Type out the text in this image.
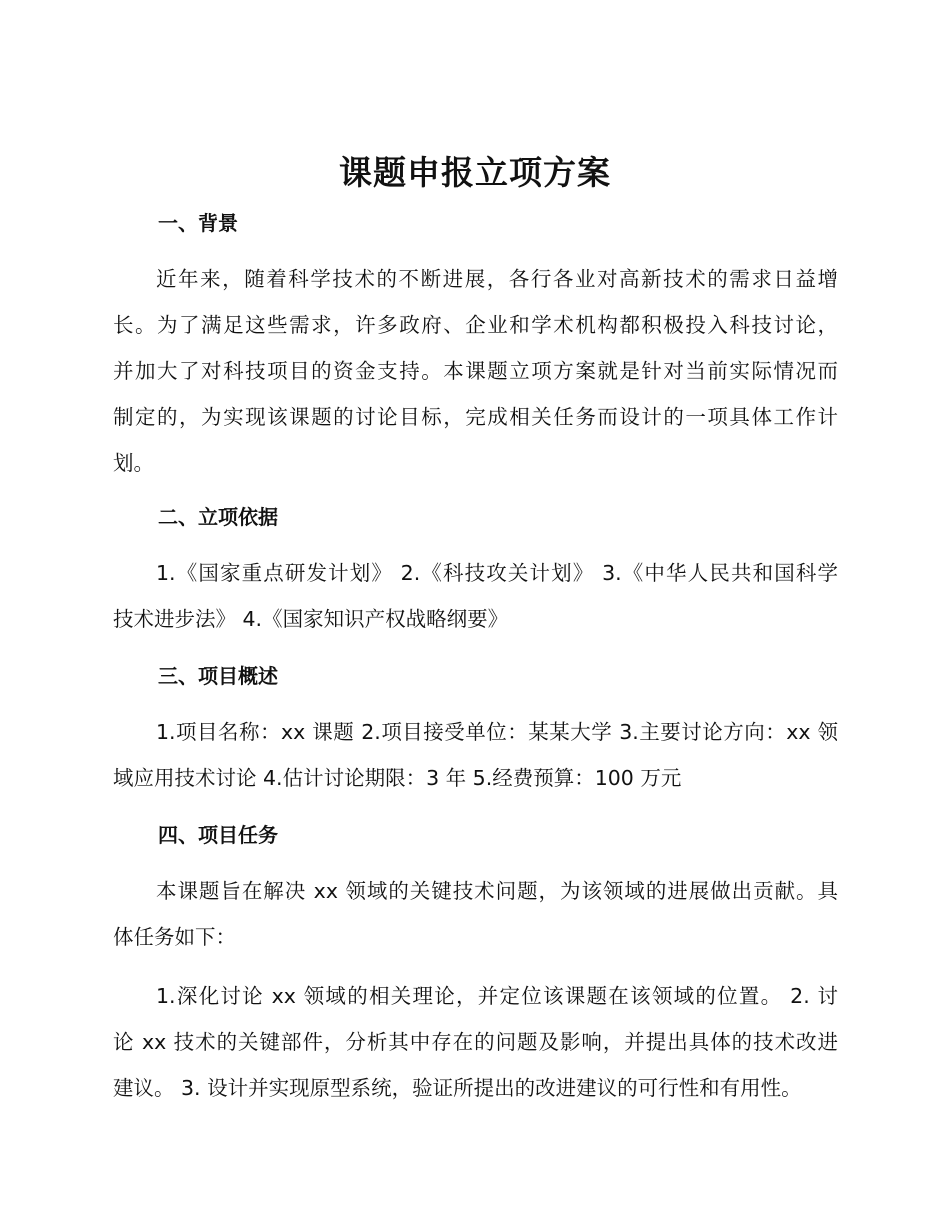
课题申报立项方案
一、背景
近年来，随着科学技术的不断进展，各行各业对高新技术的需求日益增
长。为了满足这些需求，许多政府、企业和学术机构都积极投入科技讨论，
并加大了对科技项目的资金支持。本课题立项方案就是针对当前实际情况而
制定的，为实现该课题的讨论目标，完成相关任务而设计的一项具体工作计
划。
二、立项依据
1.《国家重点研发计划》 2.《科技攻关计划》 3.《中华人民共和国科学
技术进步法》 4.《国家知识产权战略纲要》
三、项目概述
1.项目名称：xx 课题 2.项目接受单位：某某大学 3.主要讨论方向：xx 领
域应用技术讨论 4.估计讨论期限：3 年 5.经费预算：100 万元
四、项目任务
本课题旨在解决 xx 领域的关键技术问题，为该领域的进展做出贡献。具
体任务如下：
1.深化讨论 xx 领域的相关理论，并定位该课题在该领域的位置。 2. 讨
论 xx 技术的关键部件，分析其中存在的问题及影响，并提出具体的技术改进
建议。 3. 设计并实现原型系统，验证所提出的改进建议的可行性和有用性。
